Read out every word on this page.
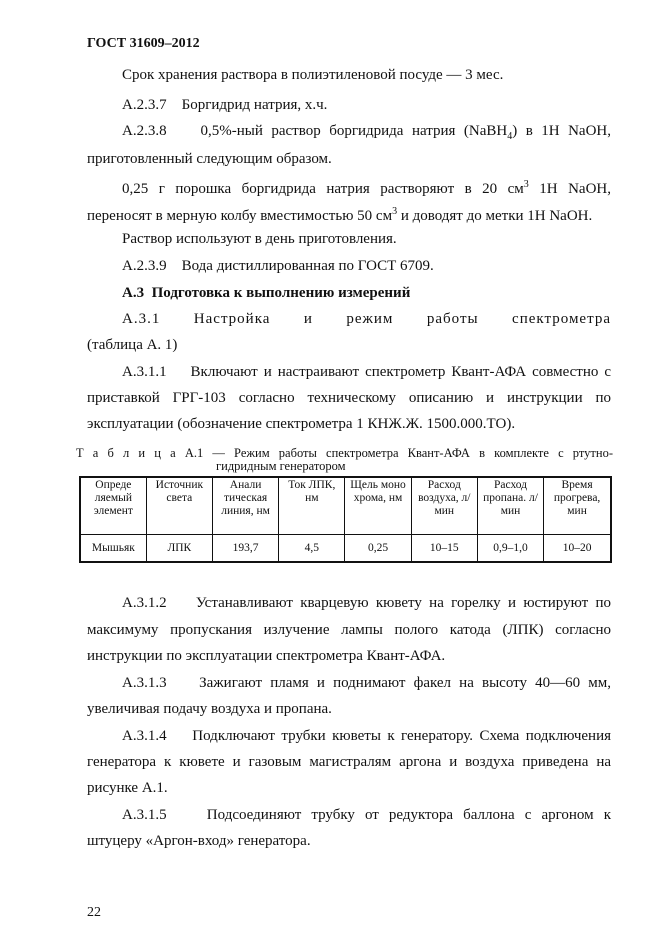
ГОСТ 31609–2012
Срок хранения раствора в полиэтиленовой посуде — 3 мес.
А.2.3.7    Боргидрид натрия, х.ч.
А.2.3.8    0,5%-ный раствор боргидрида натрия (NaBH$_4$) в 1Н NaOH,
приготовленный следующим образом.
0,25 г порошка боргидрида натрия растворяют в 20 $см^3$ 1Н NaOH,
переносят в мерную колбу вместимостью 50 $см^3$ и доводят до метки 1Н NaOH.
Раствор используют в день приготовления.
А.2.3.9    Вода дистиллированная по ГОСТ 6709.
А.3  Подготовка к выполнению измерений
А.3.1 Настройка и режим работы спектрометра
(таблица А. 1)
А.3.1.1    Включают и настраивают спектрометр Квант-АФА совместно с
приставкой ГРГ-103 согласно техническому описанию и инструкции по
эксплуатации (обозначение спектрометра 1 КНЖ.Ж. 1500.000.ТО).
Т а б л и ц а А.1 — Режим работы спектрометра Квант-АФА в комплекте с ртутно-
гидридным генератором
Опреде ляемый элемент	Источник света	Анали тическая линия, нм	Ток ЛПК, нм	Щель моно хрома, нм	Расход воздуха, л/мин	Расход пропана. л/мин	Время прогрева, мин
Мышьяк	ЛПК	193,7	4,5	0,25	10–15	0,9–1,0	10–20
А.3.1.2    Устанавливают кварцевую кювету на горелку и юстируют по
максимуму пропускания излучение лампы полого катода (ЛПК) согласно
инструкции по эксплуатации спектрометра Квант-АФА.
А.3.1.3    Зажигают пламя и поднимают факел на высоту 40—60 мм,
увеличивая подачу воздуха и пропана.
А.3.1.4    Подключают трубки кюветы к генератору. Схема подключения
генератора к кювете и газовым магистралям аргона и воздуха приведена на
рисунке А.1.
А.3.1.5    Подсоединяют трубку от редуктора баллона с аргоном к
штуцеру «Аргон-вход» генератора.
22
